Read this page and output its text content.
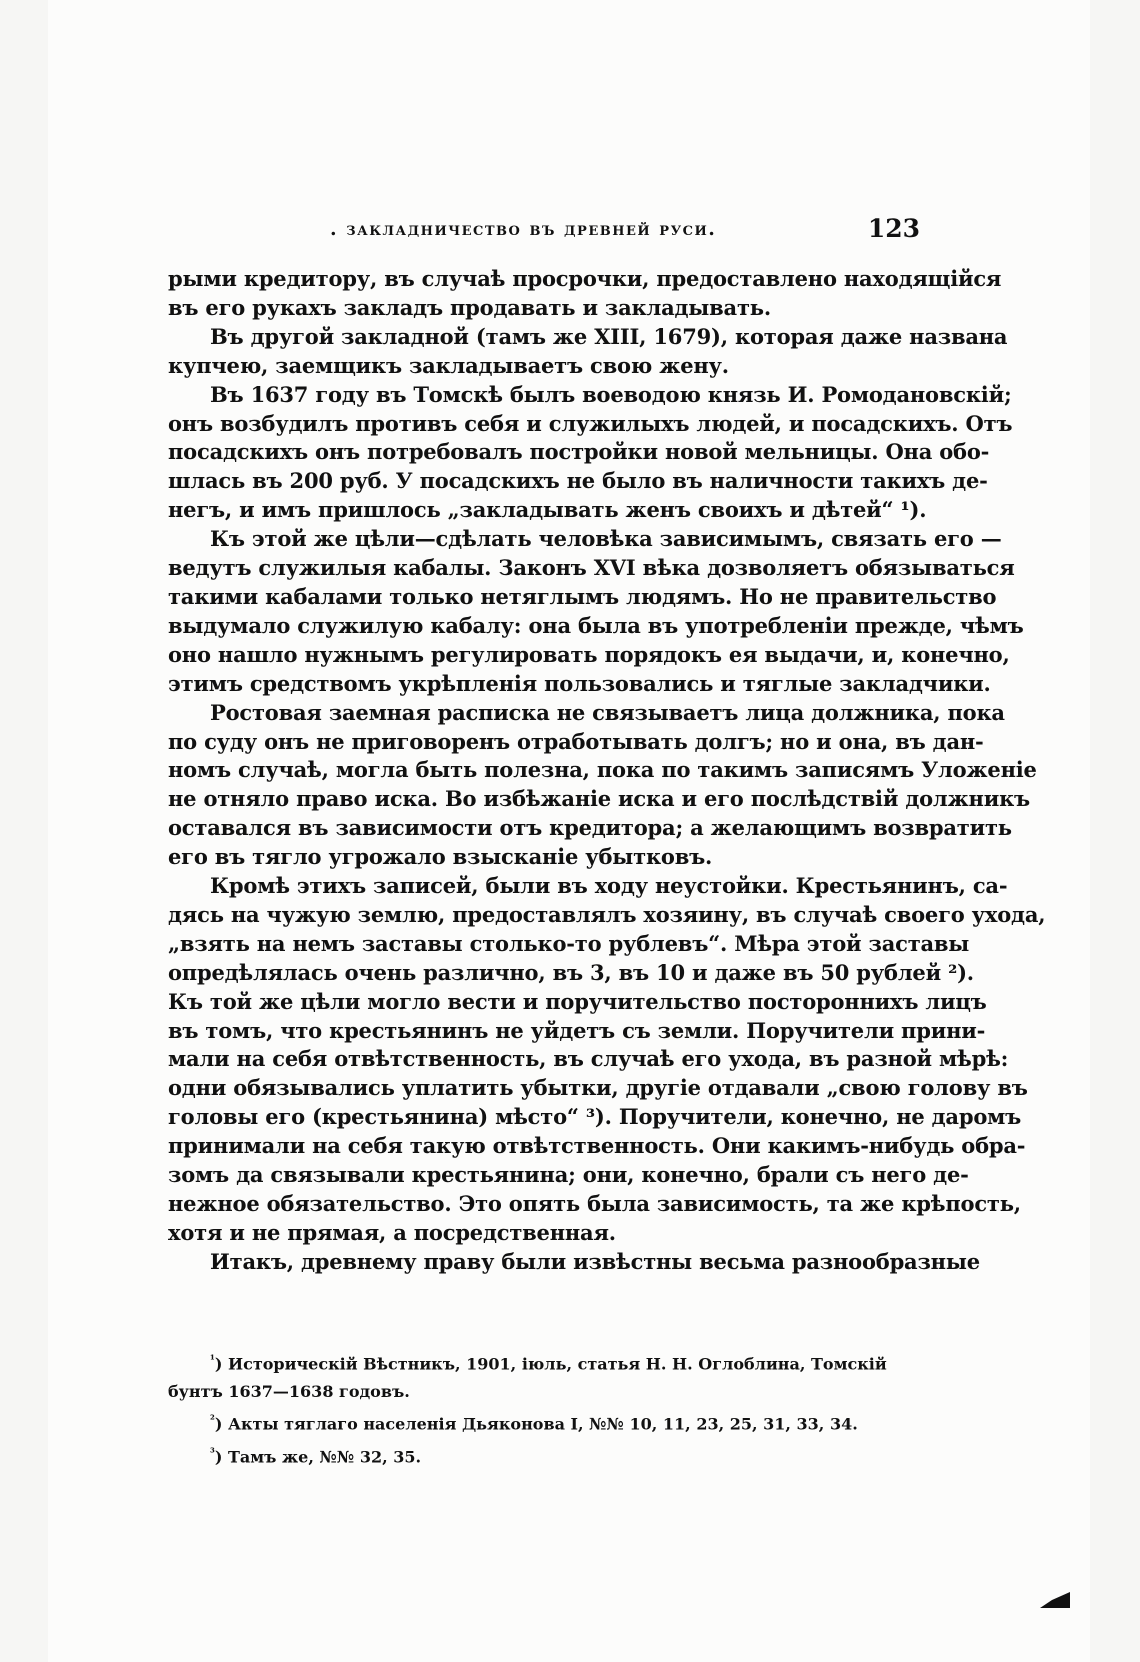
. закладничество въ древней руси.	123
рыми кредитору, въ случаѣ просрочки, предоставлено находящійся
въ его рукахъ закладъ продавать и закладывать.
Въ другой закладной (тамъ же XIII, 1679), которая даже названа
купчею, заемщикъ закладываетъ свою жену.
Въ 1637 году въ Томскѣ былъ воеводою князь И. Ромодановскій;
онъ возбудилъ противъ себя и служилыхъ людей, и посадскихъ. Отъ
посадскихъ онъ потребовалъ постройки новой мельницы. Она обо-
шлась въ 200 руб. У посадскихъ не было въ наличности такихъ де-
негъ, и имъ пришлось „закладывать женъ своихъ и дѣтей“ ¹).
Къ этой же цѣли—сдѣлать человѣка зависимымъ, связать его —
ведутъ служилыя кабалы. Законъ XVI вѣка дозволяетъ обязываться
такими кабалами только нетяглымъ людямъ. Но не правительство
выдумало служилую кабалу: она была въ употребленіи прежде, чѣмъ
оно нашло нужнымъ регулировать порядокъ ея выдачи, и, конечно,
этимъ средствомъ укрѣпленія пользовались и тяглые закладчики.
Ростовая заемная расписка не связываетъ лица должника, пока
по суду онъ не приговоренъ отработывать долгъ; но и она, въ дан-
номъ случаѣ, могла быть полезна, пока по такимъ записямъ Уложеніе
не отняло право иска. Во избѣжаніе иска и его послѣдствій должникъ
оставался въ зависимости отъ кредитора; а желающимъ возвратить
его въ тягло угрожало взысканіе убытковъ.
Кромѣ этихъ записей, были въ ходу неустойки. Крестьянинъ, са-
дясь на чужую землю, предоставлялъ хозяину, въ случаѣ своего ухода,
„взять на немъ заставы столько-то рублевъ“. Мѣра этой заставы
опредѣлялась очень различно, въ 3, въ 10 и даже въ 50 рублей ²).
Къ той же цѣли могло вести и поручительство постороннихъ лицъ
въ томъ, что крестьянинъ не уйдетъ съ земли. Поручители прини-
мали на себя отвѣтственность, въ случаѣ его ухода, въ разной мѣрѣ:
одни обязывались уплатить убытки, другіе отдавали „свою голову въ
головы его (крестьянина) мѣсто“ ³). Поручители, конечно, не даромъ
принимали на себя такую отвѣтственность. Они какимъ-нибудь обра-
зомъ да связывали крестьянина; они, конечно, брали съ него де-
нежное обязательство. Это опять была зависимость, та же крѣпость,
хотя и не прямая, а посредственная.
Итакъ, древнему праву были извѣстны весьма разнообразные
$^{^1}$) Историческій Вѣстникъ, 1901, іюль, статья Н. Н. Оглоблина, Томскій
бунтъ 1637—1638 годовъ.
$^{^2}$) Акты тяглаго населенія Дьяконова I, №№ 10, 11, 23, 25, 31, 33, 34.
$^{^3}$) Тамъ же, №№ 32, 35.
